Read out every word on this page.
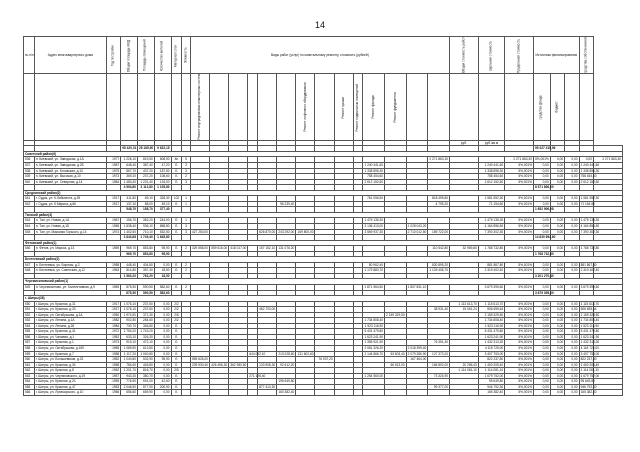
14
№ п/п	Адрес многоквартирного дома	Год постройки	Общая площадь МКД	Площадь помещений	Количество жителей	Материал стен	Этажность	Виды работ (услуг) по капитальному ремонту, стоимость (рублей)														Общая стоимость работ	Удельная стоимость	Предельная стоимость	Источники финансирования			средства собственников	
								Ремонт внутридомовых инженерных систем						Ремонт лифтового оборудования		Ремонт крыши	Ремонт подвальных помещений	Ремонт фасада	Ремонт фундамента						средства фонда	бюджет			
																						руб.	руб./кв.м						
			95 420,01	25 185,50	9 622,15																				95 427 410,96				
Советский район(6)																													
536	п. Киевский, ул. Заводская, д.1А	1977	1 226,10	819,50	608,90	Кп	5														2 271 863,30			2 271 863,30	5%,001%	0,00	0,00	0,00	2 271 863,30
537	п. Киевский, ул. Заводская, д.2Б	1987	648,40	387,40	47,20	Б	3											1 240 441,60					1 240 441,60	5%,001%	0,00	0,00	0,00	1 240 441,60	
538	п. Киевский, ул. Котовская, д.10	1975	867,70	437,20	187,50	Б	3											1 338 896,30					1 338 896,30	5%,001%	0,00	0,00	0,00	1 338 896,30	
539	п. Киевский, ул. Высокая, д.10	1973	369,20	237,20	108,60	Б	2											758 454,60					758 454,60	5%,001%	0,00	0,00	0,00	758 454,60	
540	п. Киевский, ул. Северная, д.14	1984	1 483,40	1 231,40	134,00	Б	3											2 612 152,60					2 612 152,60	5%,001%	0,00	0,00	0,00	2 612 152,60	
			4 594,80	3 112,80	1 105,80																				8 571 806,00				
Среднинский район(2)																													
541	г. Судак, ул. К.Либкнехта, д.39	1917	411,80	69,10	328,30	102	1											761 056,50			818 495,80		1 581 552,30	5%,001%	0,00	0,00	0,00	1 581 552,30	
542	г. Судак, ул. К.Маркса, д.66	1917	137,10	88,00	49,10	Б	1						96 239,40								4 795,20		71 154,60	5%,001%	0,00	0,00	0,00	71 154,60	
			548,70	158,70	377,40																				1 652 906,98				
Танский район(3)																													
543	п. Тан, ул. Новая, д.1А	1967	156,70	352,20	244,00	Б	1											1 475 135,30					1 475 135,30	5%,001%	0,00	0,00	0,00	1 475 135,30	
544	п. Тан, ул. Новая, д.1Б	1965	1 838,40	936,10	868,80	Б	3											3 136 413,00		1 028 043,20			4 164 856,50	5%,001%	0,00	0,00	0,00	4 164 856,50	
545	п. Тан, ул. Максима Горького, д.14	1974	1 402,50	710,10	532,50	Б	3	427 250,00				626 870,00	243 292,00	169 800,00				3 569 937,30		2 710 012,50	189 722,00		7 390 302,30	5%,001%	0,00	0,00	0,00	7 390 302,30	
			3 843,68	1 749,40	1 645,80																				14 830 694,60				
Фетовский район(1)																													
546	п. Фетов, ул. Маркса, д.13	1959	969,70	853,80	95,90	Б	2	329 558,00	559 516,00	418 017,00		157 152,10	131 076,20								110 542,80	32 969,80	1 768 732,80	5%,001%	0,00	0,00	0,00	1 768 732,80	
			969,70	853,80	95,90																				1 768 732,80				
Бехтеевский район(2)																													
547	п. Бехтеевка, ул. Бирюзы, д.3	1958	448,40	404,80	0,00	Б	2											80 962,40			830 895,20		881 867,80	5%,001%	0,00	0,00	0,00	881 867,80	
548	п. Бехтеевка, ул. Советская, д.12	1963	814,80	357,40	18,50	Б	2											1 179 883,70			1 139 406,70		2 319 402,40	5%,001%	0,00	0,00	0,00	2 319 402,40	
			1 563,20	762,20	18,50																				3 201 270,40				
Черемисиновский район(1)																													
549	п. Черемисиново, ул. Коллективная, д.9	1969	875,50	590,50	582,60	Б	2											1 871 564,50		1 807 831,10			3 679 395,60	5%,001%	0,00	0,00	0,00	3 679 395,60	
			875,50	590,50	582,60																				3 679 395,60				
г. Шигры(38)																													
550	г. Шигры, ул. Красная, д.31	1917	1 076,10	237,60	0,00	2/2																1 113 613,70	1 115 613,70	5%,001%	0,00	0,00	0,00	1 115 613,70	
551	г. Шигры, ул. Красная, д.33	1917	1 076,10	237,60	0,00	2/2						462 703,00									38 931,40	15 061,24	506 695,64	5%,001%	0,00	0,00	0,00	506 695,64	
552	г. Шигры, ул. Октябрьская, д.1А	1950	1 974,50	371,30	0,00	2/5													2 159 329,50				2 159 329,50	5%,001%	0,00	0,00	0,00	2 159 329,50	
553	г. Шигры, ул. Ленина, д.1А	1982	902,80	284,60	0,00	2/2												1 734 808,40					1 734 808,40	5%,001%	0,00	0,00	0,00	1 734 808,40	
554	г. Шигры, ул. Ленина, д.28	1984	730,70	346,80	0,00	Б												1 523 116,90					1 523 116,90	5%,001%	0,00	0,00	0,00	1 523 116,90	
555	г. Шигры, ул. Красная, д.41	1972	2 754,20	1 743,20	0,00	Б												5 431 479,80					5 431 479,80	5%,001%	0,00	0,00	0,00	5 431 479,80	
556	г. Шигры, ул. Чапаева, д.1	1952	633,10	326,30	0,00	Б												1 623 241,90					1 623 241,90	5%,001%	0,00	0,00	0,00	1 623 241,90	
557	г. Шигры, ул. Красная, д.1	1973	919,10	472,10	0,00	Б												1 355 921,90			76 391,40		1 432 313,30	5%,001%	0,00	0,00	0,00	1 432 313,30	
558	г. Шигры, ул. Октябрьская, д.169	1965	1 089,90	612,80	0,00	Б												2 081 326,20		2 018 399,40			4 118 725,00	5%,001%	0,00	0,00	0,00	4 118 725,00	
559	г. Шигры, ул. Красная, д.7	1958	1 117,20	1 040,80	0,00	Б					644 092,10		213 028,60	131 602,60				2 144 866,70	53 603,40	2 079 286,90	127 373,20		3 407 753,00	5%,001%	0,00	0,00	0,00	3 407 753,00	
560	г. Шигры, ул. Большевиков, д.23	1952	1 040,80	532,90	95,90	Б		559 626,00							76 937,20					167 464,00			822 237,80	5%,001%	0,00	0,00	0,00	822 237,80	
561	г. Шигры, ул. Красная, д.34	1958	784,60	445,80	0,00	Б		239 530,40	426 496,30	362 950,50		133 908,30	92 612,20						66 513,00		166 802,00	20 256,43	1 400 205,40	5%,001%	0,00	0,00	0,00	1 400 205,40	
562	г. Шигры, ул. Красная, д.8	1952	1 201,70	816,70	0,00	2/5																1 114 081,10	1 114 081,10	5%,001%	0,00	0,00	0,00	1 114 081,10	
563	г. Шигры, ул. Черняховского, д.19	1957	943,20	380,70	0,00	Б					271 126,40							1 254 560,00			73 324,90		1 679 752,00	5%,001%	0,00	0,00	0,00	1 679 752,00	
564	г. Шигры, ул. Красная, д.24	1959	776,50	691,00	42,60	Б							195 649,80										95 649,80	5%,001%	0,00	0,00	0,00	95 649,80	
565	г. Шигры, ул. Красная, д.47	1953	2 046,50	877,90	200,90	Б						877 413,30									99 377,00		946 792,30	5%,001%	0,00	0,00	0,00	946 792,30	
566	г. Шигры, ул. Луначарского, д.10	1956	656,60	659,90	0,00	Б							160 382,40										165 382,40	5%,001%	0,00	0,00	0,00	165 382,40	
